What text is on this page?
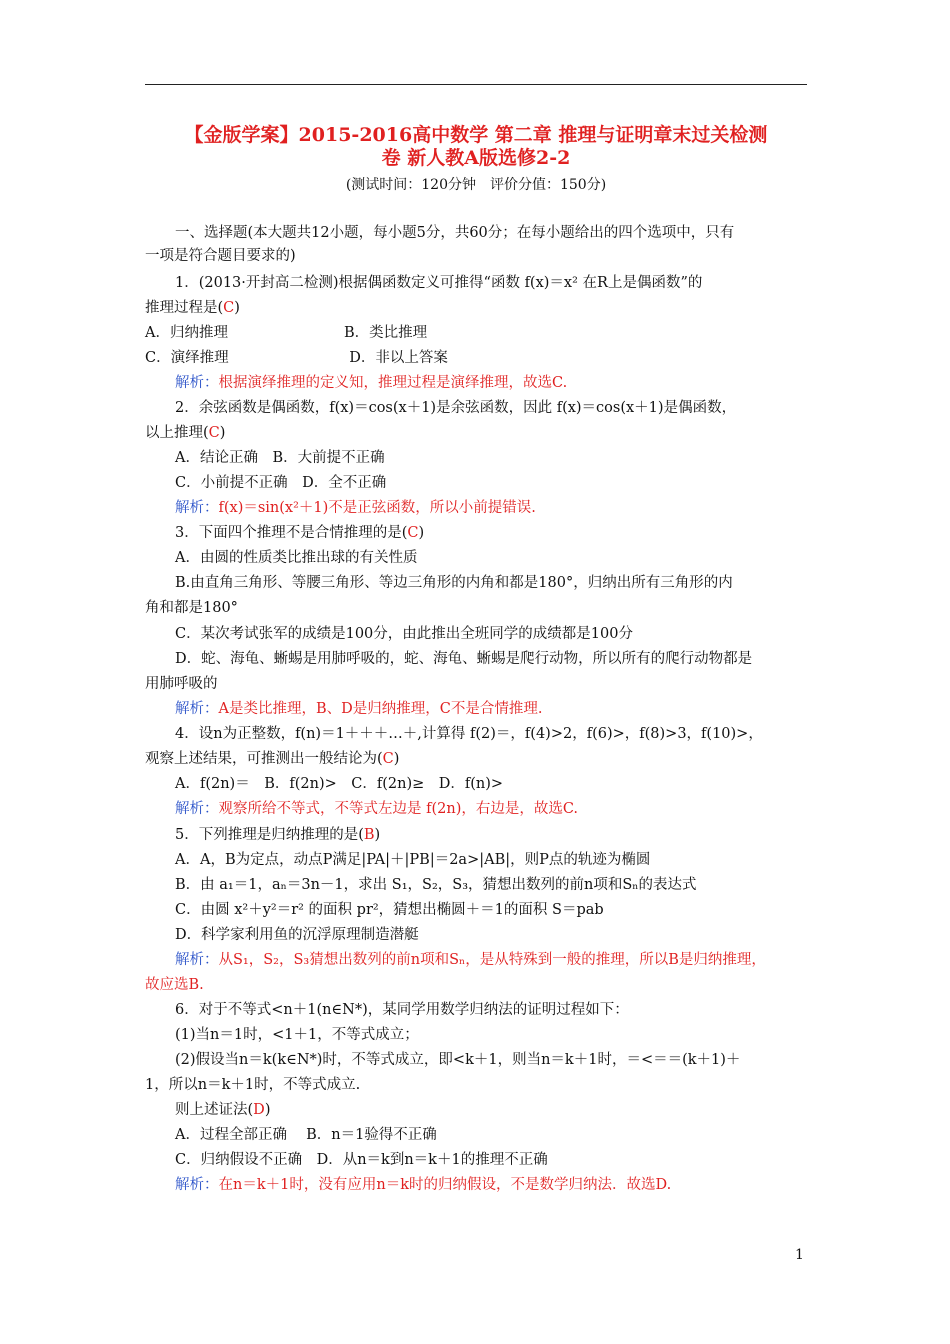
【金版学案】2015-2016高中数学 第二章 推理与证明章末过关检测
卷 新人教A版选修2-2
(测试时间：120分钟　评价分值：150分)
一、选择题(本大题共12小题，每小题5分，共60分；在每小题给出的四个选项中，只有
一项是符合题目要求的)
1．(2013·开封高二检测)根据偶函数定义可推得“函数 f(x)＝x² 在R上是偶函数”的
推理过程是(C)
A．归纳推理　　　　　　　　B．类比推理
C．演绎推理　　　　　　　　 D．非以上答案
解析：根据演绎推理的定义知，推理过程是演绎推理，故选C.
2．余弦函数是偶函数，f(x)＝cos(x＋1)是余弦函数，因此 f(x)＝cos(x＋1)是偶函数，
以上推理(C)
A．结论正确　B．大前提不正确
C．小前提不正确　D．全不正确
解析：f(x)＝sin(x²＋1)不是正弦函数，所以小前提错误.
3．下面四个推理不是合情推理的是(C)
A．由圆的性质类比推出球的有关性质
B.由直角三角形、等腰三角形、等边三角形的内角和都是180°，归纳出所有三角形的内
角和都是180°
C．某次考试张军的成绩是100分，由此推出全班同学的成绩都是100分
D．蛇、海龟、蜥蜴是用肺呼吸的，蛇、海龟、蜥蜴是爬行动物，所以所有的爬行动物都是
用肺呼吸的
解析：A是类比推理，B、D是归纳推理，C不是合情推理.
4．设n为正整数，f(n)＝1＋＋＋…＋,计算得 f(2)＝，f(4)>2，f(6)>，f(8)>3，f(10)>，
观察上述结果，可推测出一般结论为(C)
A．f(2n)＝　B．f(2n)>　C．f(2n)≥　D．f(n)>
解析：观察所给不等式，不等式左边是 f(2n)，右边是，故选C.
5．下列推理是归纳推理的是(B)
A．A，B为定点，动点P满足|PA|＋|PB|＝2a>|AB|，则P点的轨迹为椭圆
B．由 a₁＝1，aₙ＝3n－1，求出 S₁，S₂，S₃，猜想出数列的前n项和Sₙ的表达式
C．由圆 x²＋y²＝r² 的面积 pr²，猜想出椭圆＋＝1的面积 S＝pab
D．科学家利用鱼的沉浮原理制造潜艇
解析：从S₁，S₂，S₃猜想出数列的前n项和Sₙ，是从特殊到一般的推理，所以B是归纳推理，
故应选B.
6．对于不等式<n＋1(n∈N*)，某同学用数学归纳法的证明过程如下：
(1)当n＝1时，<1＋1，不等式成立；
(2)假设当n＝k(k∈N*)时，不等式成立，即<k＋1，则当n＝k＋1时，＝<＝＝(k＋1)＋
1，所以n＝k＋1时，不等式成立.
则上述证法(D)
A．过程全部正确　 B．n＝1验得不正确
C．归纳假设不正确　D．从n＝k到n＝k＋1的推理不正确
解析：在n＝k＋1时，没有应用n＝k时的归纳假设，不是数学归纳法．故选D.
1
